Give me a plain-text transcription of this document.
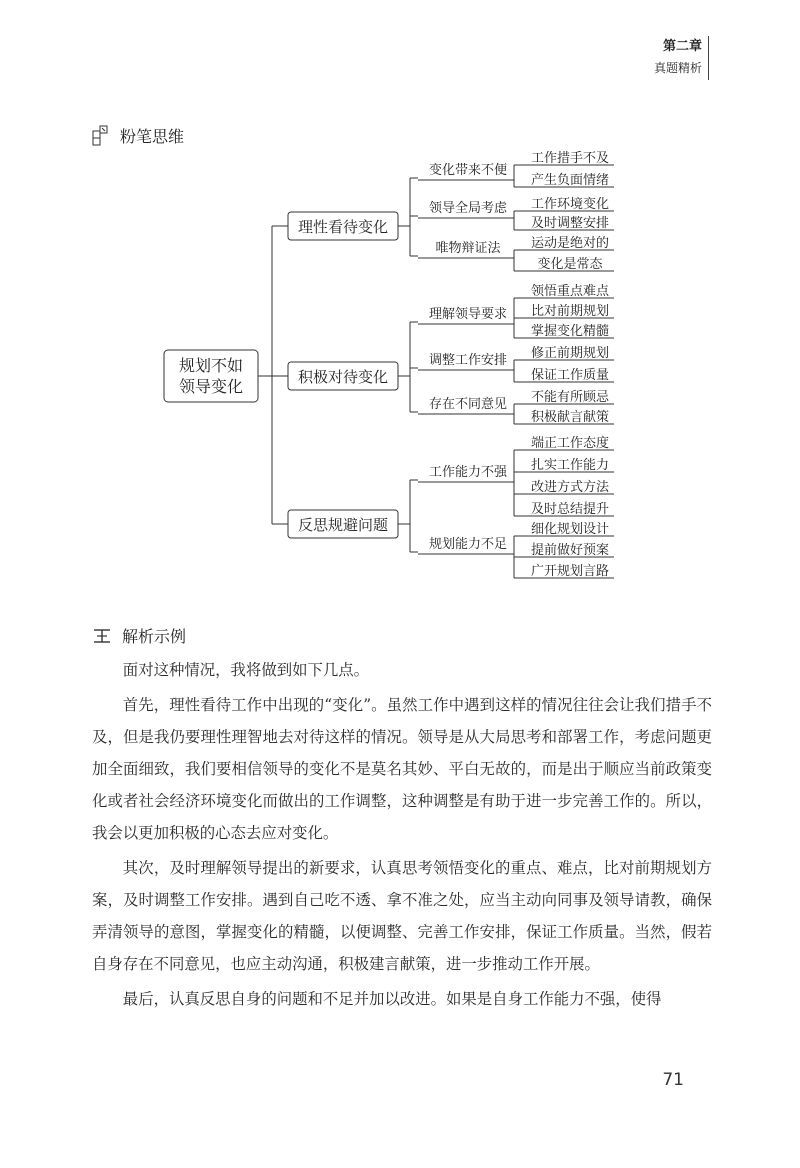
第二章
真题精析
粉笔思维
规划不如
领导变化
理性看待变化
变化带来不便
工作措手不及
产生负面情绪
领导全局考虑 工作环境变化
及时调整安排
唯物辩证法 运动是绝对的
变化是常态
积极对待变化
理解领导要求
领悟重点难点
比对前期规划
掌握变化精髓
调整工作安排 修正前期规划
保证工作质量
存在不同意见 不能有所顾忌
积极献言献策
反思规避问题
工作能力不强
端正工作态度
扎实工作能力
改进方式方法
及时总结提升
规划能力不足
细化规划设计
提前做好预案
广开规划言路
解析示例

面对这种情况，我将做到如下几点。

首先，理性看待工作中出现的“变化”。虽然工作中遇到这样的情况往往会让我们措手不及，但是我仍要理性理智地去对待这样的情况。领导是从大局思考和部署工作，考虑问题更加全面细致，我们要相信领导的变化不是莫名其妙、平白无故的，而是出于顺应当前政策变化或者社会经济环境变化而做出的工作调整，这种调整是有助于进一步完善工作的。所以，我会以更加积极的心态去应对变化。

其次，及时理解领导提出的新要求，认真思考领悟变化的重点、难点，比对前期规划方案，及时调整工作安排。遇到自己吃不透、拿不准之处，应当主动向同事及领导请教，确保弄清领导的意图，掌握变化的精髓，以便调整、完善工作安排，保证工作质量。当然，假若自身存在不同意见，也应主动沟通，积极建言献策，进一步推动工作开展。

最后，认真反思自身的问题和不足并加以改进。如果是自身工作能力不强，使得

71
